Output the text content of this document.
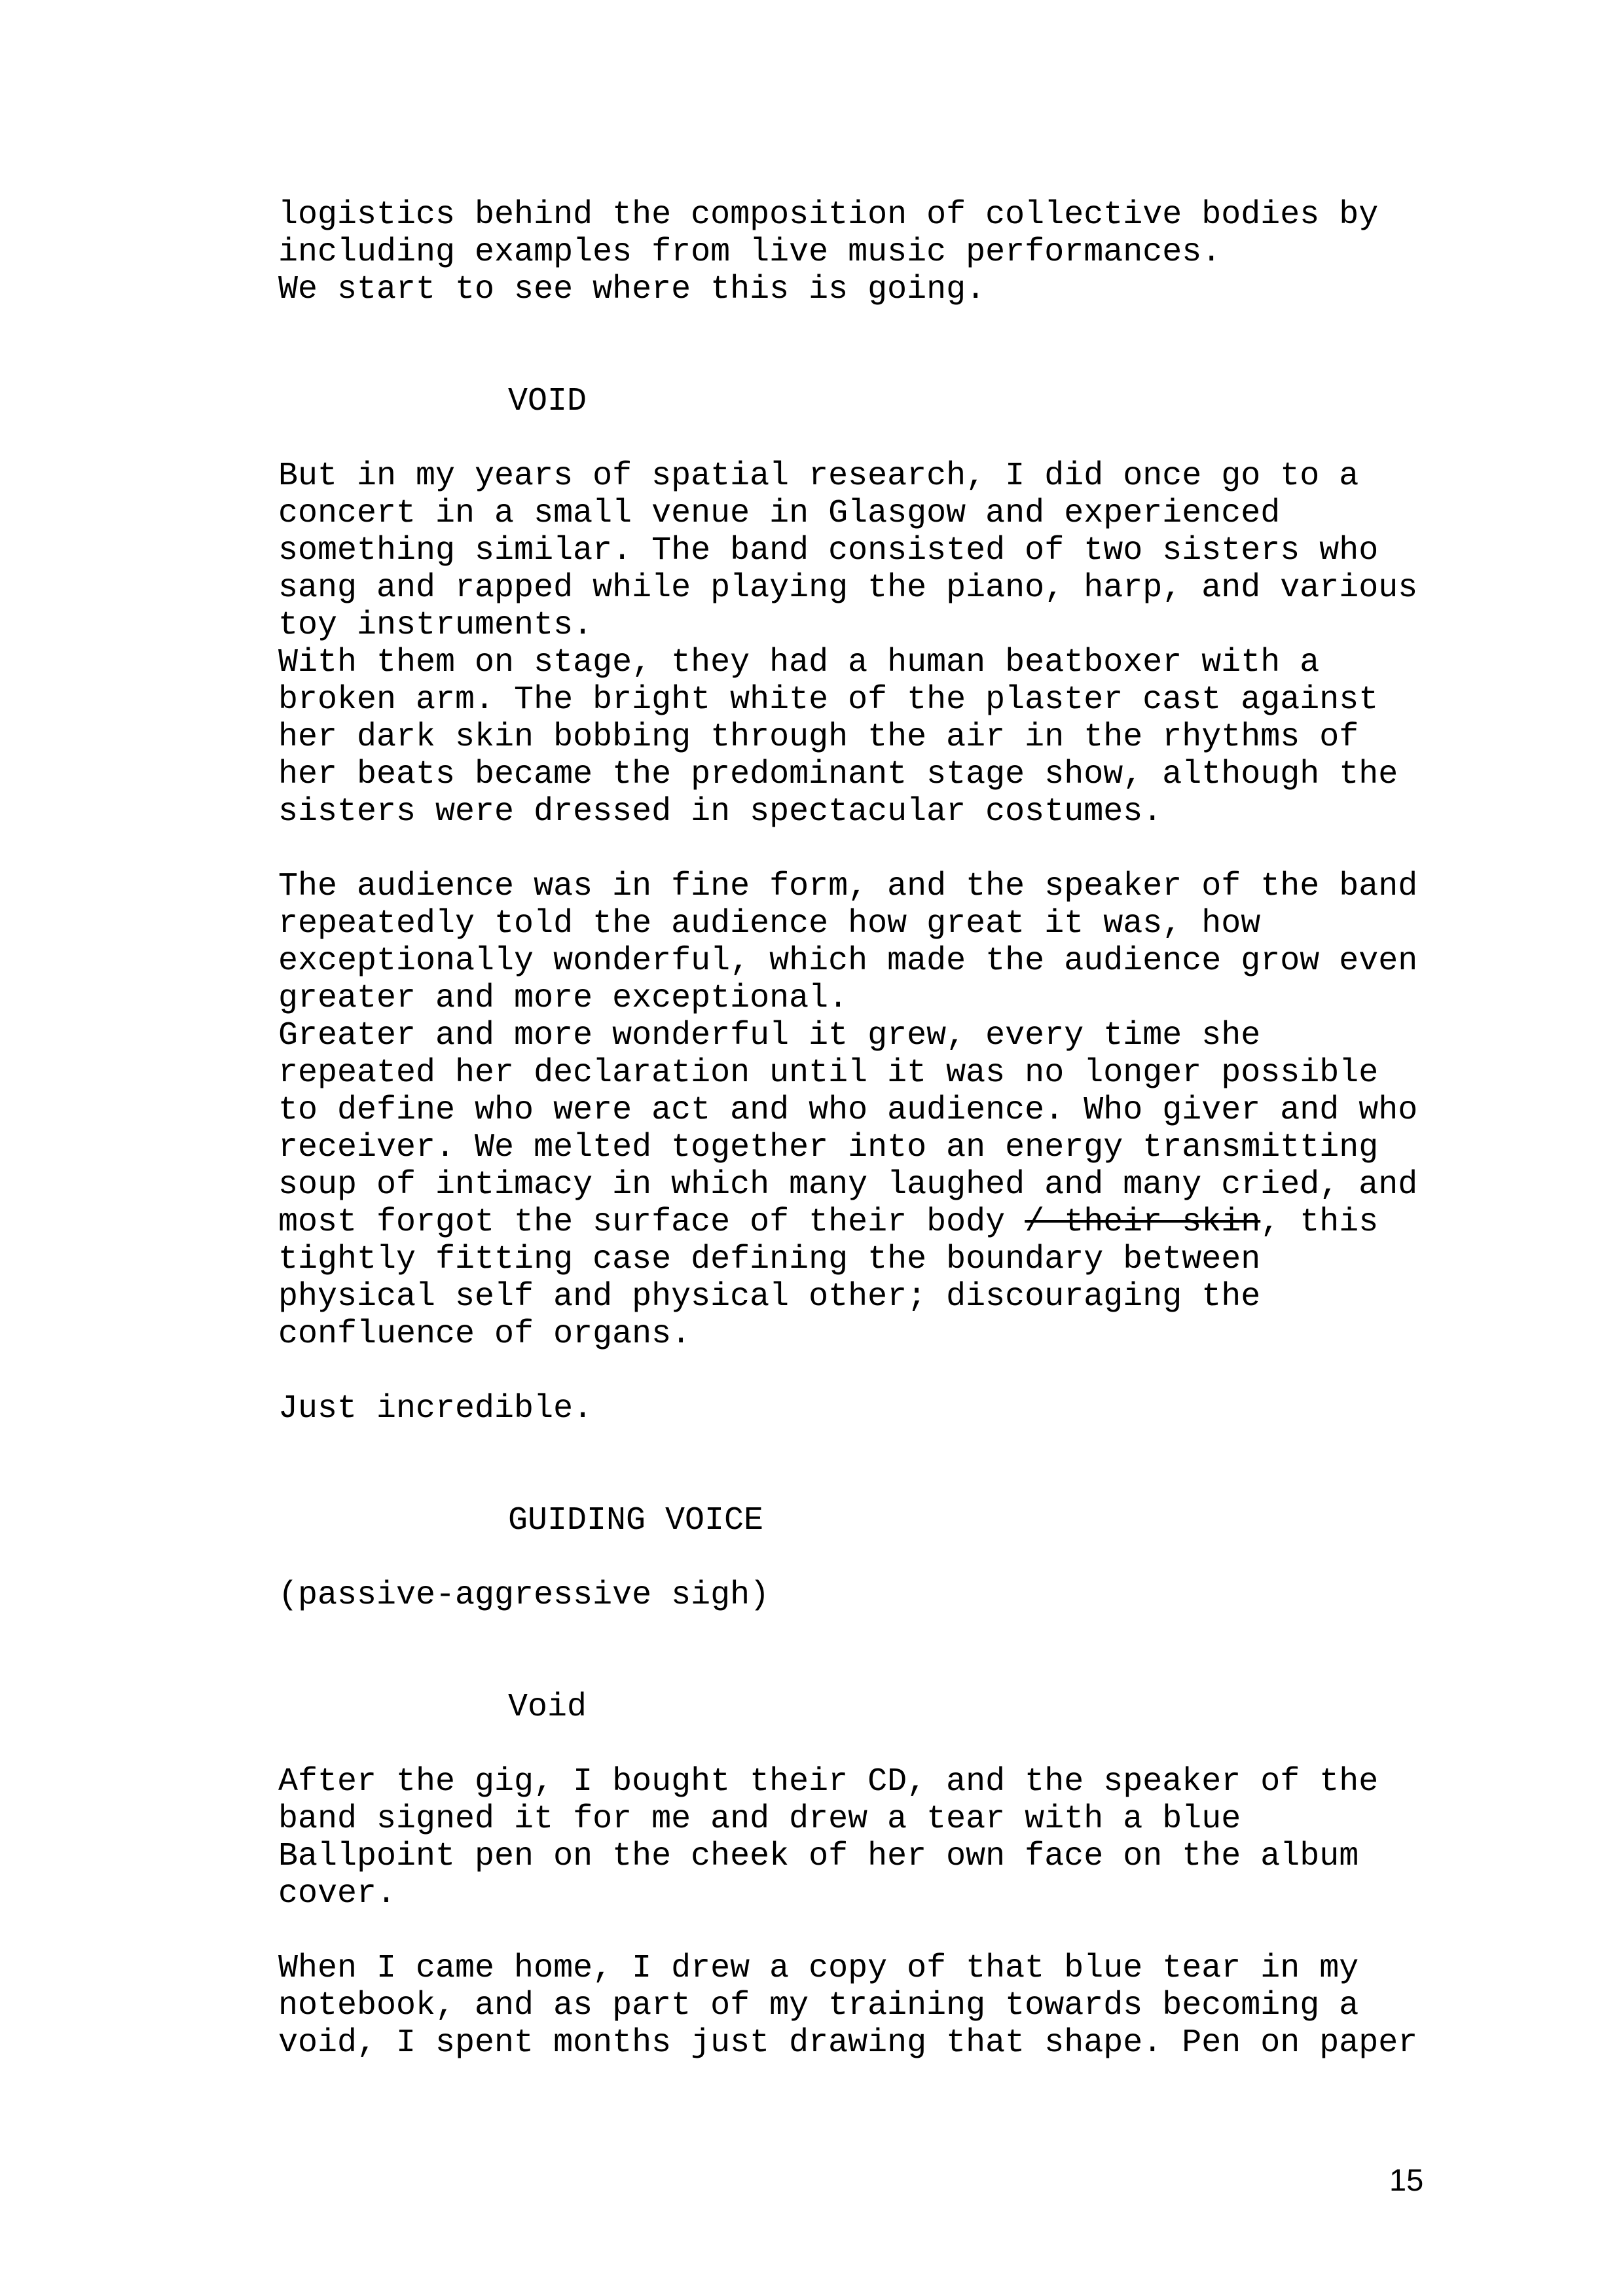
logistics behind the composition of collective bodies by
including examples from live music performances.
We start to see where this is going.
VOID
But in my years of spatial research, I did once go to a
concert in a small venue in Glasgow and experienced
something similar. The band consisted of two sisters who
sang and rapped while playing the piano, harp, and various
toy instruments.
With them on stage, they had a human beatboxer with a
broken arm. The bright white of the plaster cast against
her dark skin bobbing through the air in the rhythms of
her beats became the predominant stage show, although the
sisters were dressed in spectacular costumes.
The audience was in fine form, and the speaker of the band
repeatedly told the audience how great it was, how
exceptionally wonderful, which made the audience grow even
greater and more exceptional.
Greater and more wonderful it grew, every time she
repeated her declaration until it was no longer possible
to define who were act and who audience. Who giver and who
receiver. We melted together into an energy transmitting
soup of intimacy in which many laughed and many cried, and
most forgot the surface of their body / their skin, this
tightly fitting case defining the boundary between
physical self and physical other; discouraging the
confluence of organs.
Just incredible.
GUIDING VOICE
(passive-aggressive sigh)
Void
After the gig, I bought their CD, and the speaker of the
band signed it for me and drew a tear with a blue
Ballpoint pen on the cheek of her own face on the album
cover.
When I came home, I drew a copy of that blue tear in my
notebook, and as part of my training towards becoming a
void, I spent months just drawing that shape. Pen on paper
15
